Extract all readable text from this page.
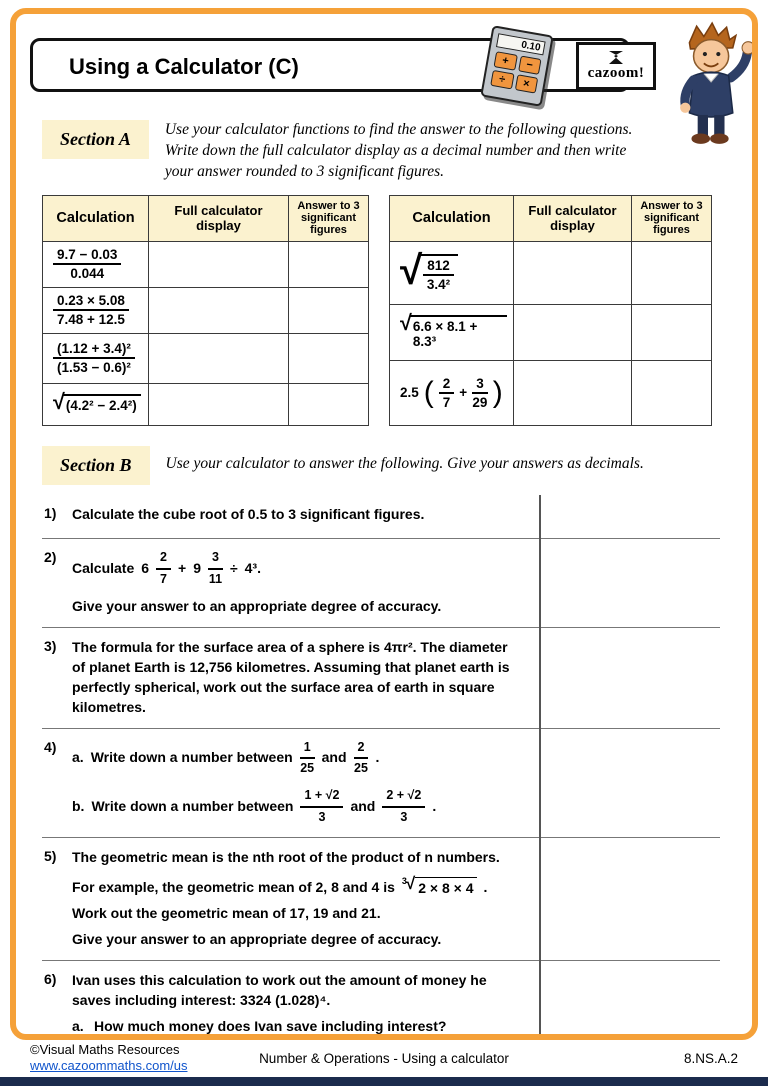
Using a Calculator (C)
0.10
+	−
÷	×
cazoom!
Section A	Use your calculator functions to find the answer to the following questions. Write down the full calculator display as a decimal number and then write your answer rounded to 3 significant figures.

Calculation	Full calculator display	Answer to 3 significant figures

$\frac{9.7 - 0.03}{0.044}$

$\frac{0.23 \times 5.08}{7.48 + 12.5}$

$\frac{\text{(1.12 + 3.4)²}}{\text{(1.53 − 0.6)²}}$

√ (4.2² − 2.4²)		

Calculation	Full calculator display	Answer to 3 significant figures

√ $\frac{812}{\text{3.4²}}$

√ 6.6 × 8.1 + 8.3³		

2.5 ( $\frac{2}{7} + \frac{3}{29}$ )

Section B	Use your calculator to answer the following. Give your answers as decimals.

1)	Calculate the cube root of 0.5 to 3 significant figures.
2)
Calculate $6 \frac{2}{7} + 9 \frac{3}{11} \div 4^3$.
Give your answer to an appropriate degree of accuracy.
3)	The formula for the surface area of a sphere is 4πr². The diameter of planet Earth is 12,756 kilometres. Assuming that planet earth is perfectly spherical, work out the surface area of earth in square kilometres.
4)
a. Write down a number between $\frac{1}{25}$ and $\frac{2}{25}$ .
b. Write down a number between $\frac{1 + √2}{3}$ and $\frac{2 + √2}{3}$ .
5)	The geometric mean is the nth root of the product of n numbers.
For example, the geometric mean of 2, 8 and 4 is 3 √ 2 × 8 × 4 .
Work out the geometric mean of 17, 19 and 21.
Give your answer to an appropriate degree of accuracy.
6)	Ivan uses this calculation to work out the amount of money he saves including interest: 3324 (1.028)⁴.
a. How much money does Ivan save including interest?
©Visual Maths Resources
www.cazoommaths.com/us	Number & Operations - Using a calculator	8.NS.A.2
